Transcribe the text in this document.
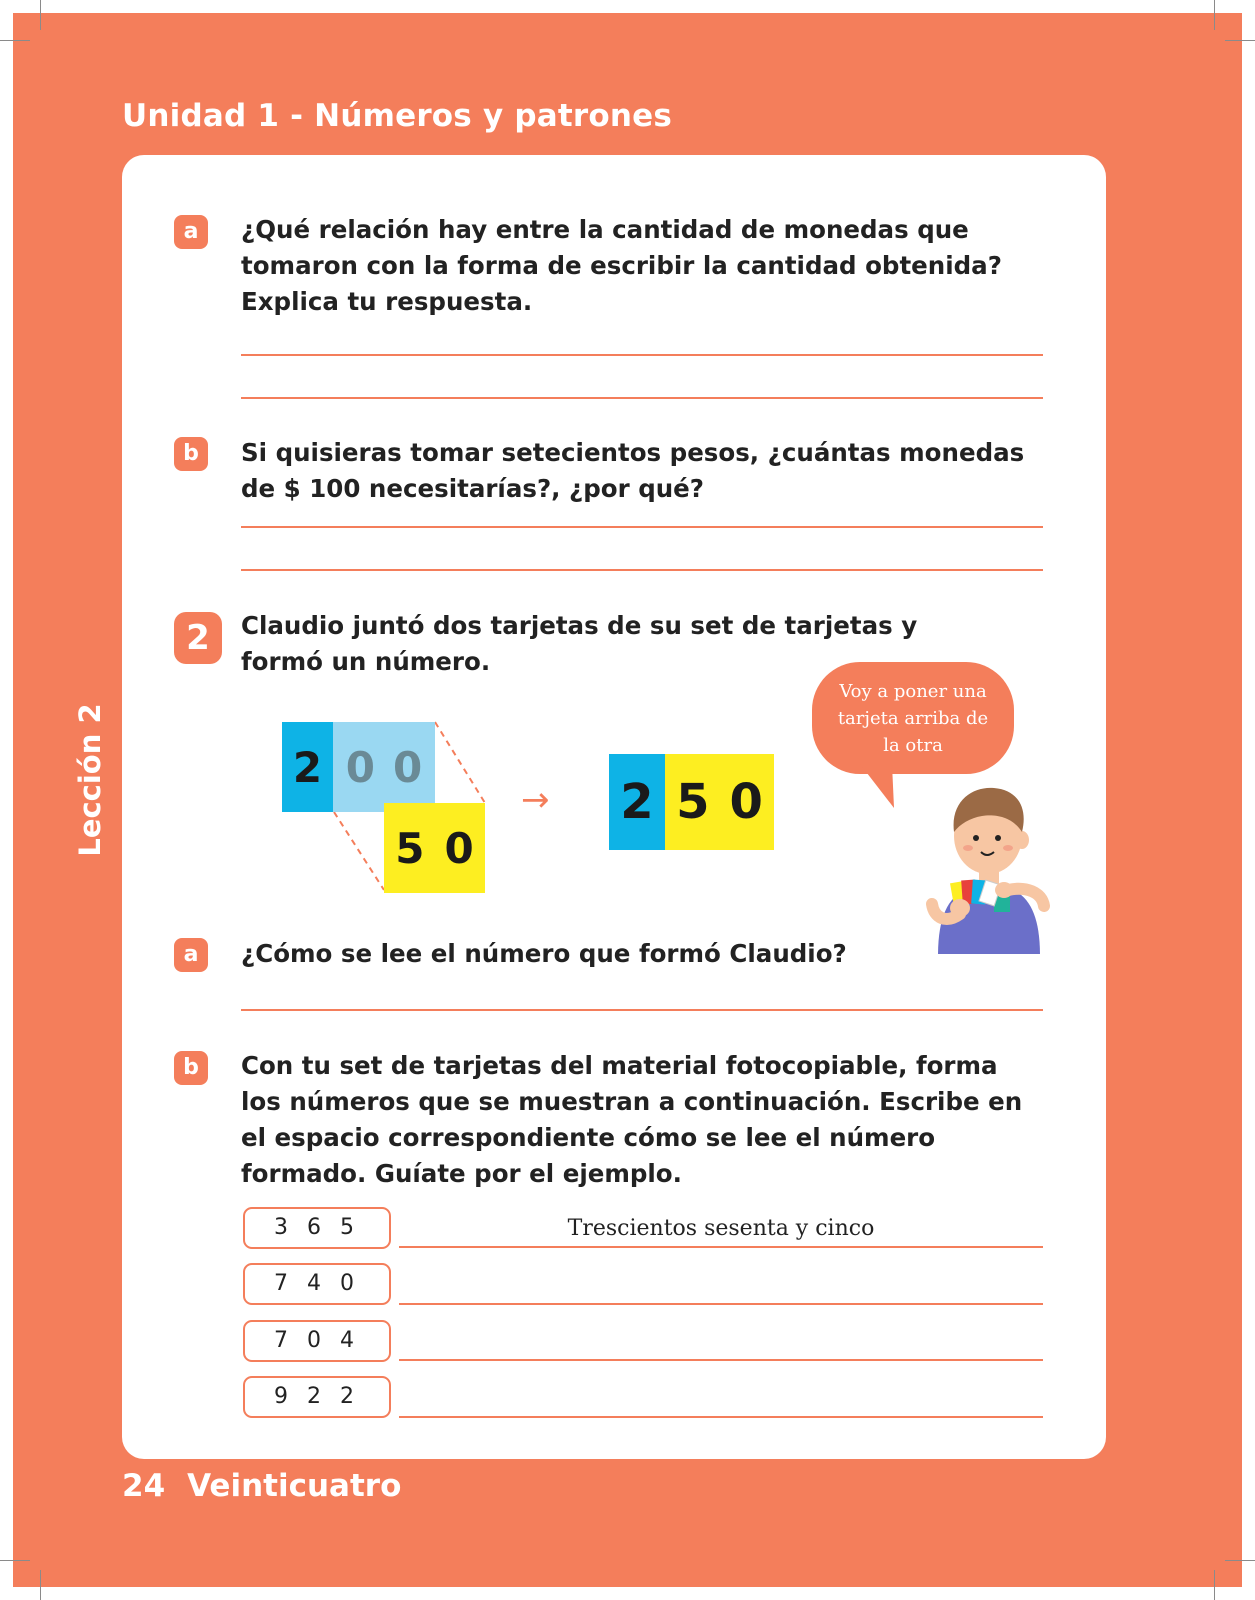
Unidad 1 - Números y patrones
Lección 2
a	¿Qué relación hay entre la cantidad de monedas que tomaron con la forma de escribir la cantidad obtenida? Explica tu respuesta.
b	Si quisieras tomar setecientos pesos, ¿cuántas monedas de $ 100 necesitarías?, ¿por qué?
2	Claudio juntó dos tarjetas de su set de tarjetas y formó un número.
2 0 0
5 0
→ 2 5 0
Voy a poner una tarjeta arriba de la otra
a	¿Cómo se lee el número que formó Claudio?
b	Con tu set de tarjetas del material fotocopiable, forma los números que se muestran a continuación. Escribe en el espacio correspondiente cómo se lee el número formado. Guíate por el ejemplo.
3 6 5	Trescientos sesenta y cinco
7 4 0
7 0 4
9 2 2
24 Veinticuatro
